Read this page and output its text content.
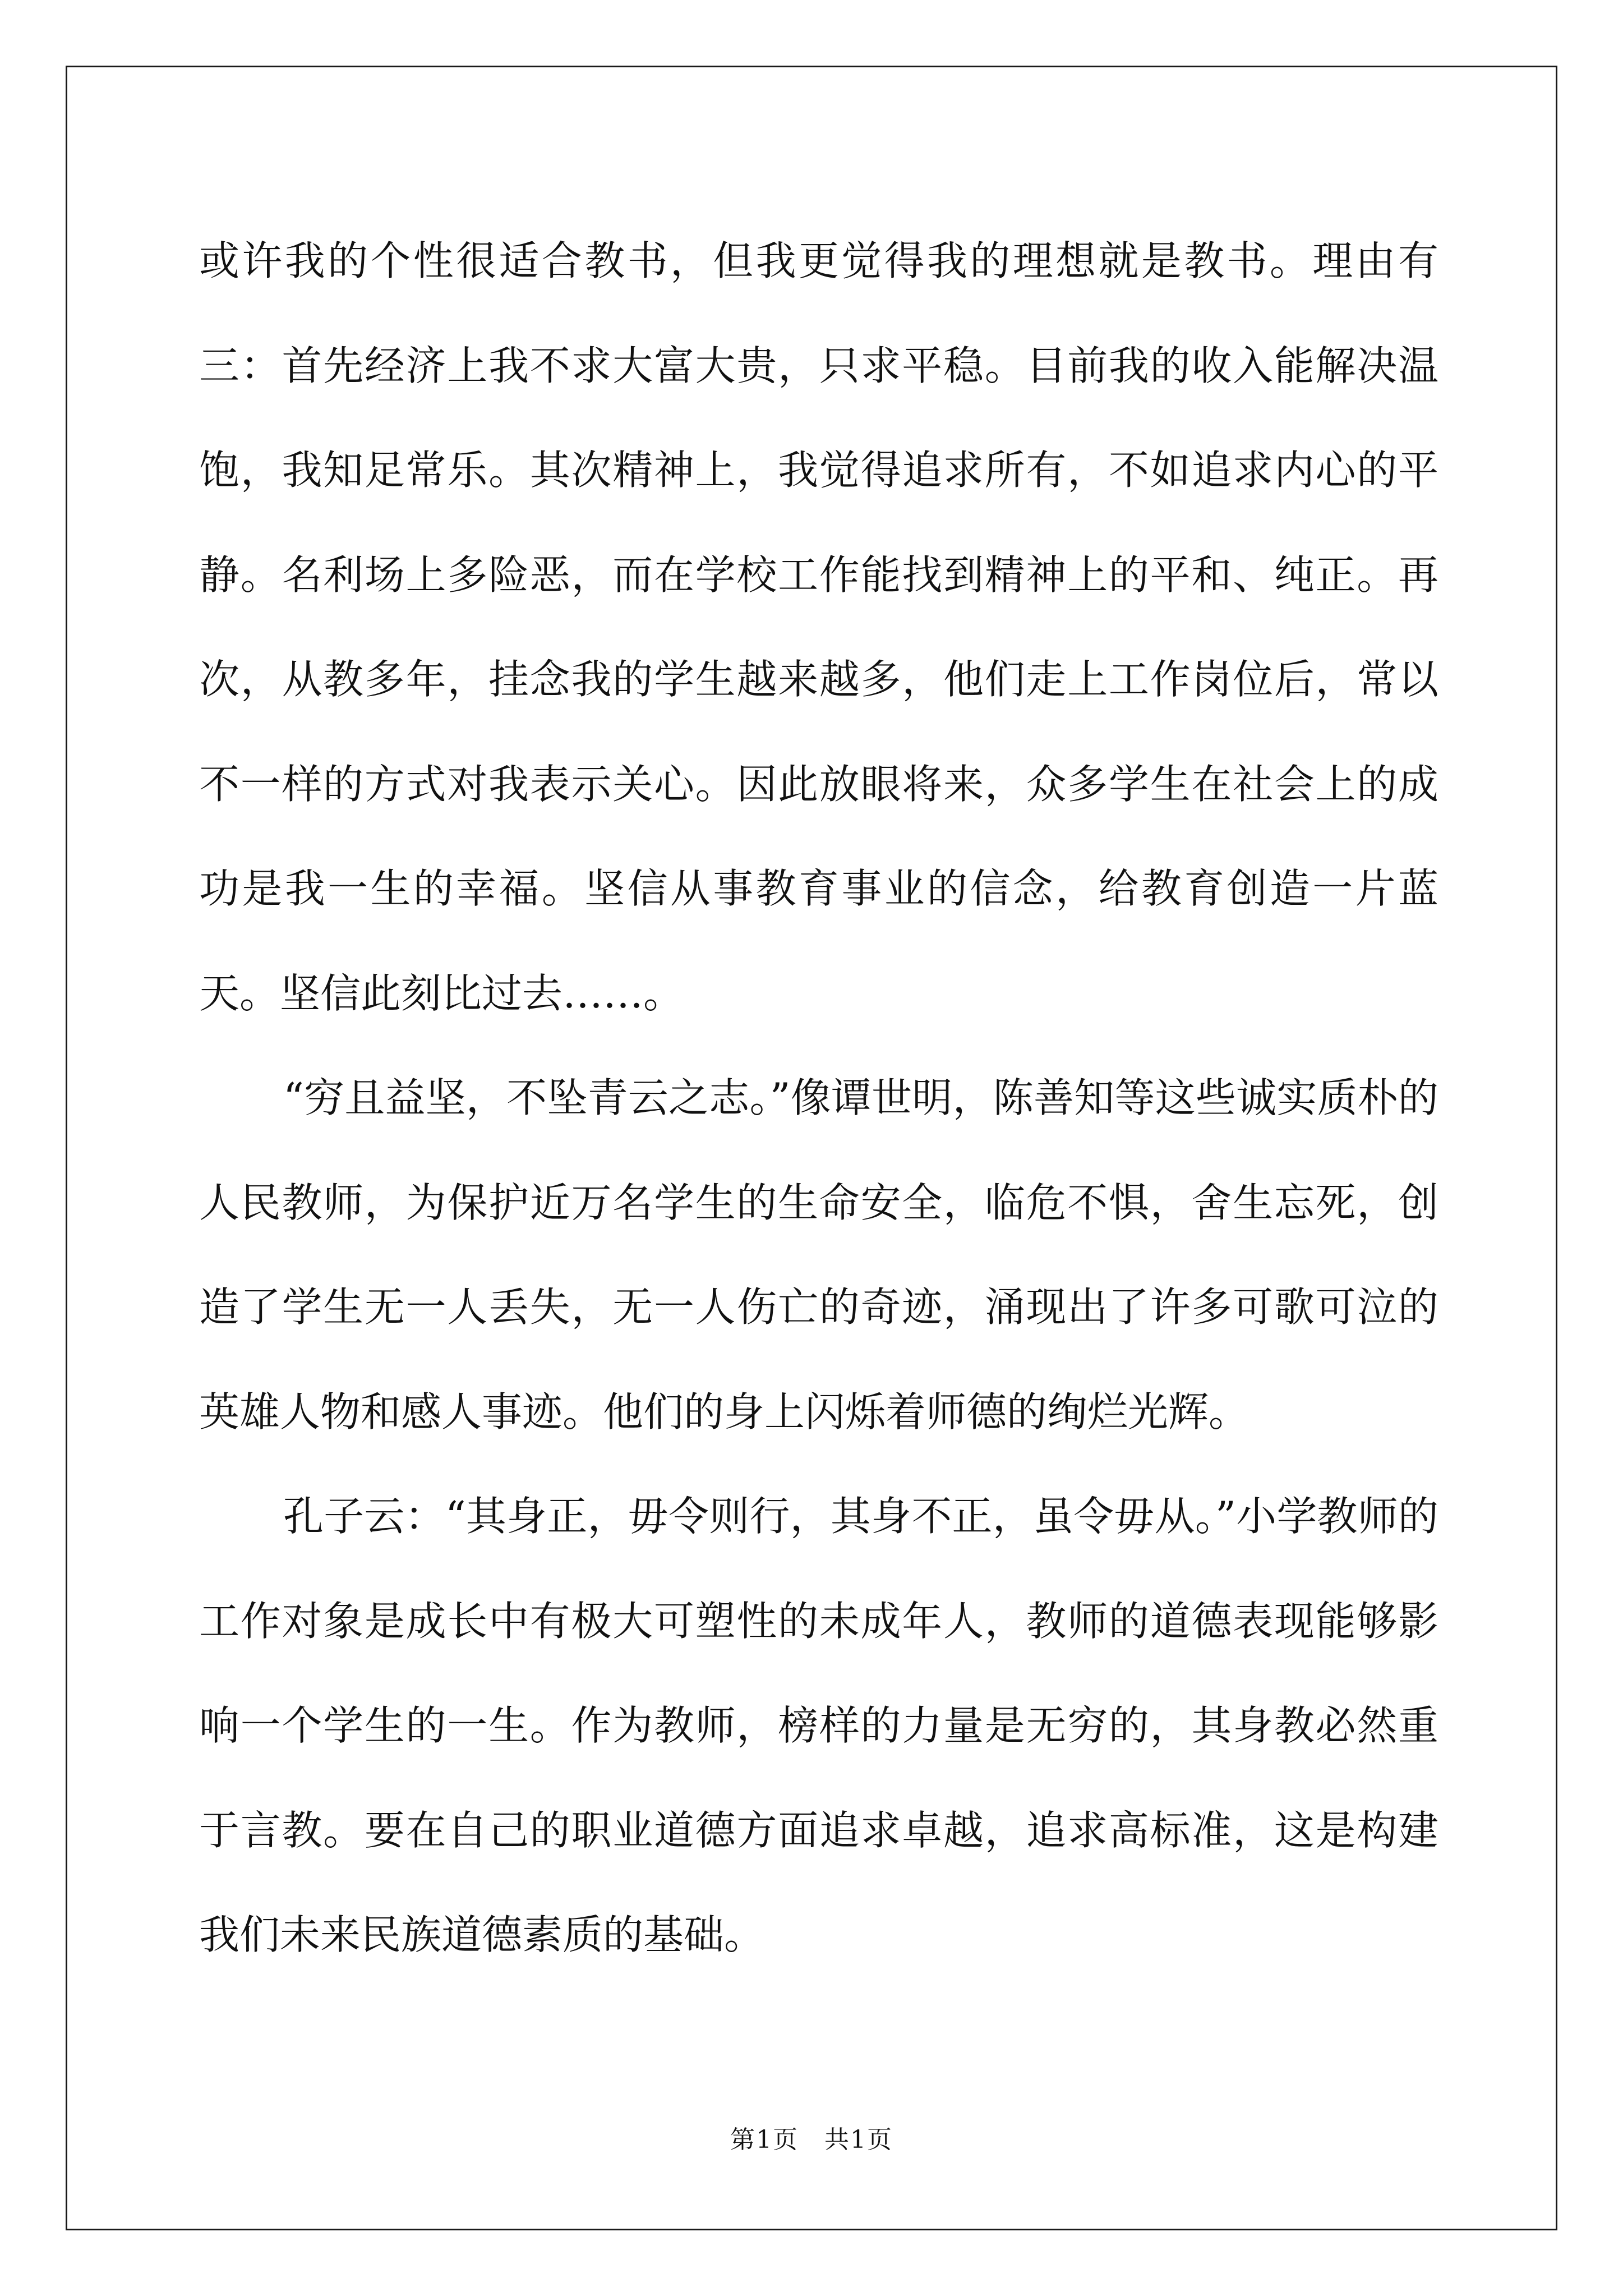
或许我的个性很适合教书，但我更觉得我的理想就是教书。理由有三：首先经济上我不求大富大贵，只求平稳。目前我的收入能解决温饱，我知足常乐。其次精神上，我觉得追求所有，不如追求内心的平静。名利场上多险恶，而在学校工作能找到精神上的平和、纯正。再次，从教多年，挂念我的学生越来越多，他们走上工作岗位后，常以不一样的方式对我表示关心。因此放眼将来，众多学生在社会上的成功是我一生的幸福。坚信从事教育事业的信念，给教育创造一片蓝天。坚信此刻比过去……。

“穷且益坚，不坠青云之志。”像谭世明，陈善知等这些诚实质朴的人民教师，为保护近万名学生的生命安全，临危不惧，舍生忘死，创造了学生无一人丢失，无一人伤亡的奇迹，涌现出了许多可歌可泣的英雄人物和感人事迹。他们的身上闪烁着师德的绚烂光辉。

孔子云：“其身正，毋令则行，其身不正，虽令毋从。”小学教师的工作对象是成长中有极大可塑性的未成年人，教师的道德表现能够影响一个学生的一生。作为教师，榜样的力量是无穷的，其身教必然重于言教。要在自己的职业道德方面追求卓越，追求高标准，这是构建我们未来民族道德素质的基础。

第1页　共1页
